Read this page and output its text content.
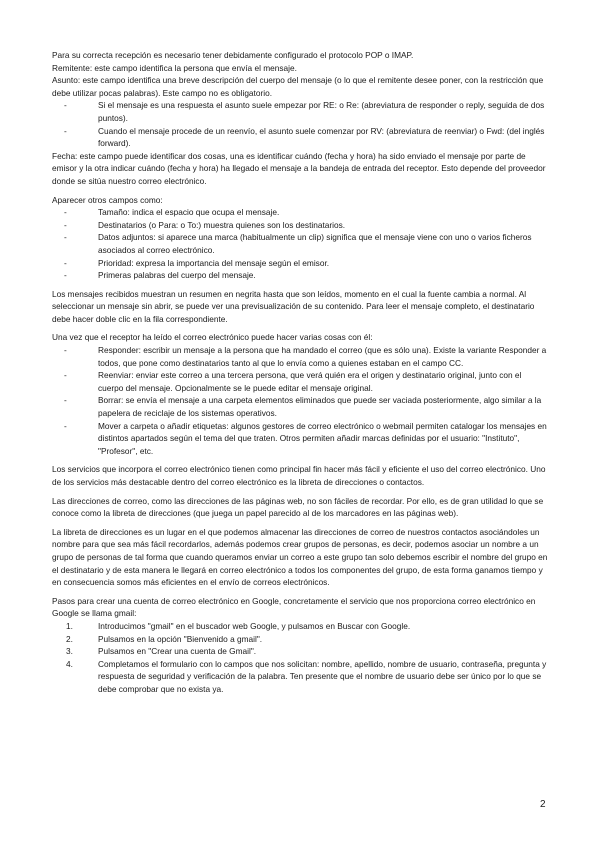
Para su correcta recepción es necesario tener debidamente configurado el protocolo POP o IMAP.

Remitente: este campo identifica la persona que envía el mensaje.

Asunto: este campo identifica una breve descripción del cuerpo del mensaje (o lo que el remitente desee poner, con la restricción que debe utilizar pocas palabras). Este campo no es obligatorio.

- Si el mensaje es una respuesta el asunto suele empezar por RE: o Re: (abreviatura de responder o reply, seguida de dos puntos).
- Cuando el mensaje procede de un reenvío, el asunto suele comenzar por RV: (abreviatura de reenviar) o Fwd: (del inglés forward).

Fecha: este campo puede identificar dos cosas, una es identificar cuándo (fecha y hora) ha sido enviado el mensaje por parte de emisor y la otra indicar cuándo (fecha y hora) ha llegado el mensaje a la bandeja de entrada del receptor. Esto depende del proveedor donde se sitúa nuestro correo electrónico.

Aparecer otros campos como:

- Tamaño: indica el espacio que ocupa el mensaje.
- Destinatarios (o Para: o To:) muestra quienes son los destinatarios.
- Datos adjuntos: si aparece una marca (habitualmente un clip) significa que el mensaje viene con uno o varios ficheros asociados al correo electrónico.
- Prioridad: expresa la importancia del mensaje según el emisor.
- Primeras palabras del cuerpo del mensaje.

Los mensajes recibidos muestran un resumen en negrita hasta que son leídos, momento en el cual la fuente cambia a normal. Al seleccionar un mensaje sin abrir, se puede ver una previsualización de su contenido. Para leer el mensaje completo, el destinatario debe hacer doble clic en la fila correspondiente.

Una vez que el receptor ha leído el correo electrónico puede hacer varias cosas con él:

- Responder: escribir un mensaje a la persona que ha mandado el correo (que es sólo una). Existe la variante Responder a todos, que pone como destinatarios tanto al que lo envía como a quienes estaban en el campo CC.
- Reenviar: enviar este correo a una tercera persona, que verá quién era el origen y destinatario original, junto con el cuerpo del mensaje. Opcionalmente se le puede editar el mensaje original.
- Borrar: se envía el mensaje a una carpeta elementos eliminados que puede ser vaciada posteriormente, algo similar a la papelera de reciclaje de los sistemas operativos.
- Mover a carpeta o añadir etiquetas: algunos gestores de correo electrónico o webmail permiten catalogar los mensajes en distintos apartados según el tema del que traten. Otros permiten añadir marcas definidas por el usuario: "Instituto", "Profesor", etc.

Los servicios que incorpora el correo electrónico tienen como principal fin hacer más fácil y eficiente el uso del correo electrónico. Uno de los servicios más destacable dentro del correo electrónico es la libreta de direcciones o contactos.

Las direcciones de correo, como las direcciones de las páginas web, no son fáciles de recordar. Por ello, es de gran utilidad lo que se conoce como la libreta de direcciones (que juega un papel parecido al de los marcadores en las páginas web).

La libreta de direcciones es un lugar en el que podemos almacenar las direcciones de correo de nuestros contactos asociándoles un nombre para que sea más fácil recordarlos, además podemos crear grupos de personas, es decir, podemos asociar un nombre a un grupo de personas de tal forma que cuando queramos enviar un correo a este grupo tan solo debemos escribir el nombre del grupo en el destinatario y de esta manera le llegará en correo electrónico a todos los componentes del grupo, de esta forma ganamos tiempo y en consecuencia somos más eficientes en el envío de correos electrónicos.

Pasos para crear una cuenta de correo electrónico en Google, concretamente el servicio que nos proporciona correo electrónico en Google se llama gmail:

1.	Introducimos "gmail" en el buscador web Google, y pulsamos en Buscar con Google.
2.	Pulsamos en la opción "Bienvenido a gmail".
3.	Pulsamos en "Crear una cuenta de Gmail".
4.	Completamos el formulario con lo campos que nos solicitan: nombre, apellido, nombre de usuario, contraseña, pregunta y respuesta de seguridad y verificación de la palabra. Ten presente que el nombre de usuario debe ser único por lo que se debe comprobar que no exista ya.
2
